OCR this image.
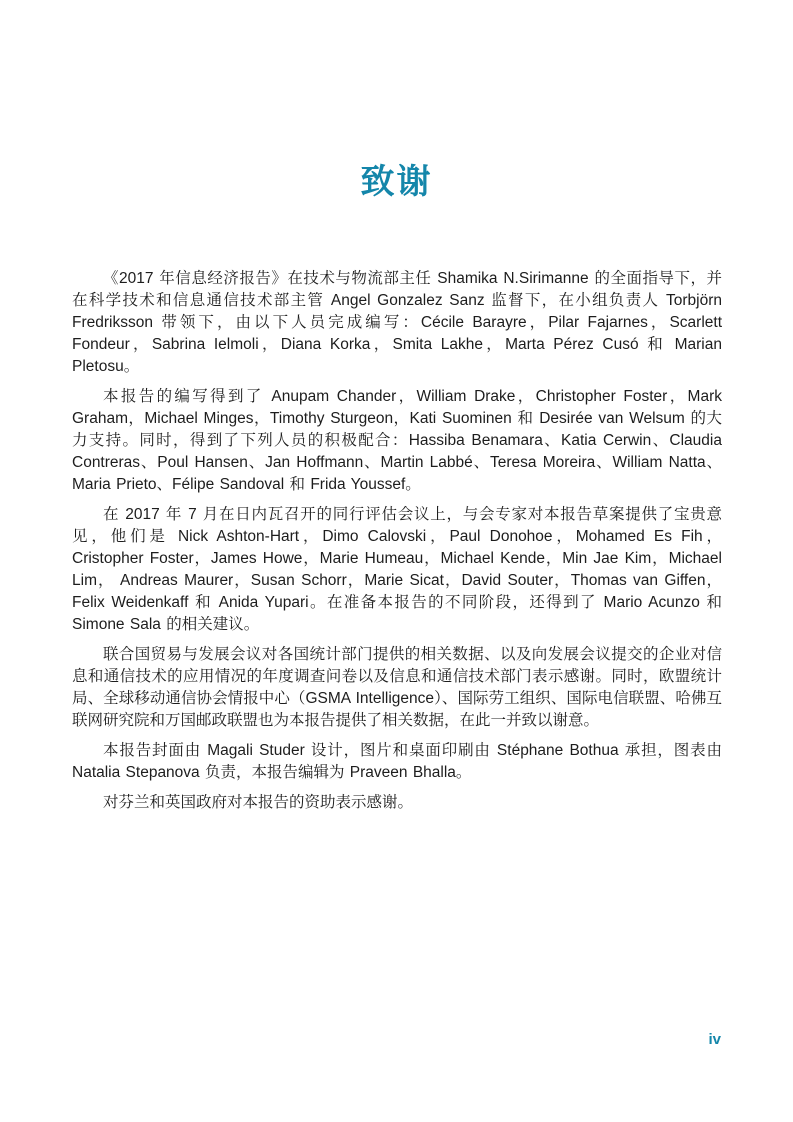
致谢

《2017 年信息经济报告》在技术与物流部主任 Shamika N.Sirimanne 的全面指导下，并在科学技术和信息通信技术部主管 Angel Gonzalez Sanz 监督下，在小组负责人 Torbjörn Fredriksson 带领下，由以下人员完成编写：Cécile Barayre，Pilar Fajarnes，Scarlett Fondeur，Sabrina Ielmoli，Diana Korka，Smita Lakhe，Marta Pérez Cusó 和 Marian Pletosu。

本报告的编写得到了 Anupam Chander，William Drake，Christopher Foster，Mark Graham，Michael Minges，Timothy Sturgeon，Kati Suominen 和 Desirée van Welsum 的大力支持。同时，得到了下列人员的积极配合：Hassiba Benamara、Katia Cerwin、Claudia Contreras、Poul Hansen、Jan Hoffmann、Martin Labbé、Teresa Moreira、William Natta、Maria Prieto、Félipe Sandoval 和 Frida Youssef。

在 2017 年 7 月在日内瓦召开的同行评估会议上，与会专家对本报告草案提供了宝贵意见，他们是 Nick Ashton-Hart，Dimo Calovski，Paul Donohoe，Mohamed Es Fih，Cristopher Foster，James Howe，Marie Humeau，Michael Kende，Min Jae Kim，Michael Lim， Andreas Maurer，Susan Schorr，Marie Sicat，David Souter，Thomas van Giffen，Felix Weidenkaff 和 Anida Yupari。在准备本报告的不同阶段，还得到了 Mario Acunzo 和 Simone Sala 的相关建议。

联合国贸易与发展会议对各国统计部门提供的相关数据、以及向发展会议提交的企业对信息和通信技术的应用情况的年度调查问卷以及信息和通信技术部门表示感谢。同时，欧盟统计局、全球移动通信协会情报中心（GSMA Intelligence）、国际劳工组织、国际电信联盟、哈佛互联网研究院和万国邮政联盟也为本报告提供了相关数据，在此一并致以谢意。

本报告封面由 Magali Studer 设计，图片和桌面印刷由 Stéphane Bothua 承担，图表由 Natalia Stepanova 负责，本报告编辑为 Praveen Bhalla。

对芬兰和英国政府对本报告的资助表示感谢。

iv
